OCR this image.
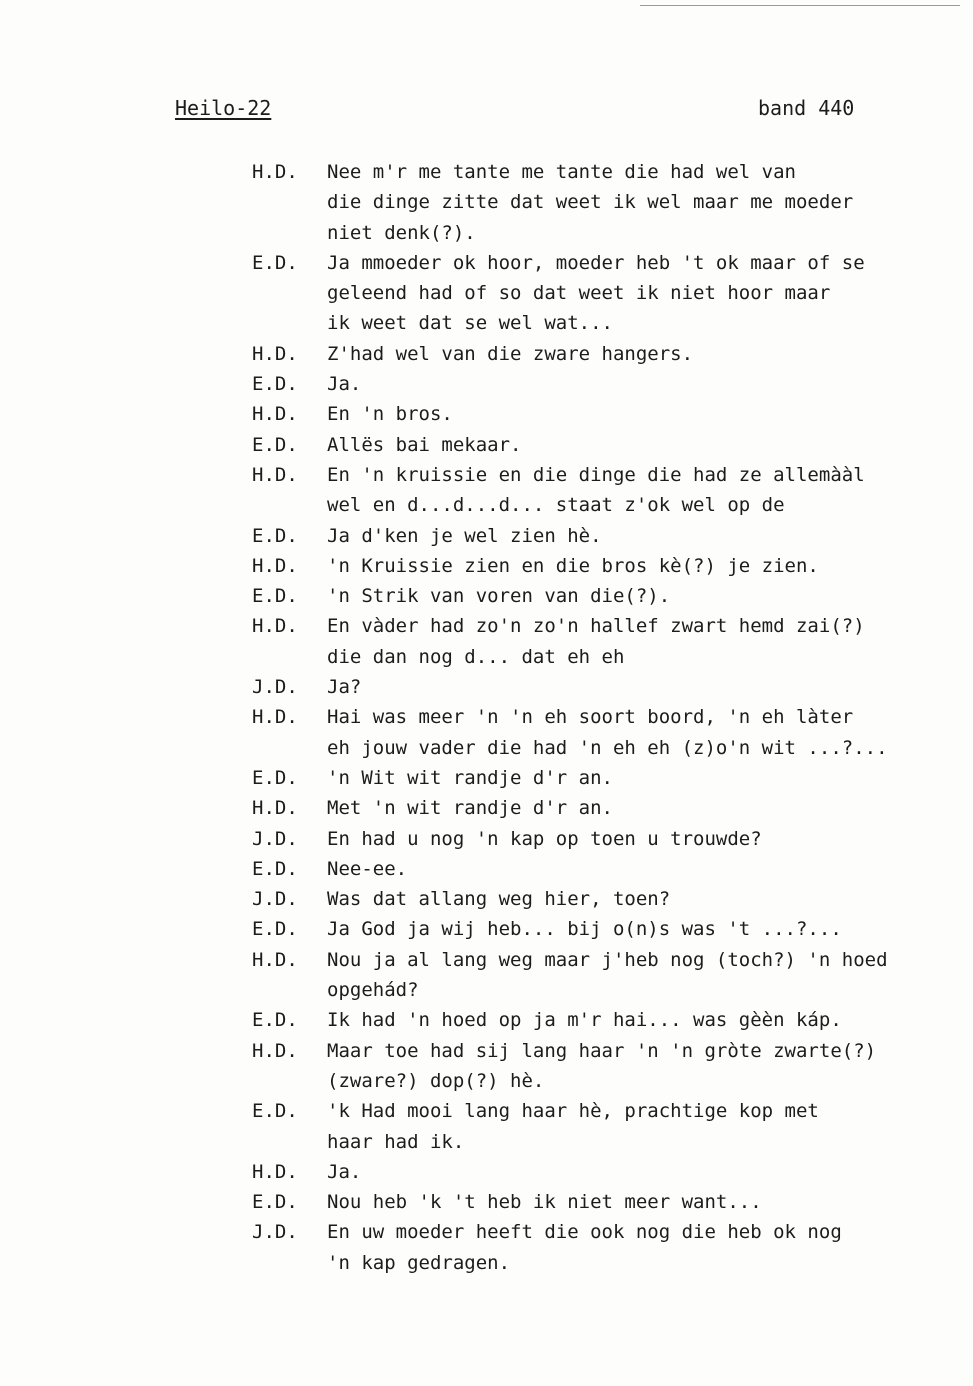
Heilo-22	band 440
H.D.	Nee m'r me tante me tante die had wel van
die dinge zitte dat weet ik wel maar me moeder
niet denk(?).
E.D.	Ja mmoeder ok hoor, moeder heb 't ok maar of se
geleend had of so dat weet ik niet hoor maar
ik weet dat se wel wat...
H.D.	Z'had wel van die zware hangers.
E.D.	Ja.
H.D.	En 'n bros.
E.D.	Allës bai mekaar.
H.D.	En 'n kruissie en die dinge die had ze allemààl
wel en d...d...d... staat z'ok wel op de
E.D.	Ja d'ken je wel zien hè.
H.D.	'n Kruissie zien en die bros kè(?) je zien.
E.D.	'n Strik van voren van die(?).
H.D.	En vàder had zo'n zo'n hallef zwart hemd zai(?)
die dan nog d... dat eh eh
J.D.	Ja?
H.D.	Hai was meer 'n 'n eh soort boord, 'n eh làter
eh jouw vader die had 'n eh eh (z)o'n wit ...?...
E.D.	'n Wit wit randje d'r an.
H.D.	Met 'n wit randje d'r an.
J.D.	En had u nog 'n kap op toen u trouwde?
E.D.	Nee-ee.
J.D.	Was dat allang weg hier, toen?
E.D.	Ja God ja wij heb... bij o(n)s was 't ...?...
H.D.	Nou ja al lang weg maar j'heb nog (toch?) 'n hoed
opgehád?
E.D.	Ik had 'n hoed op ja m'r hai... was gèèn káp.
H.D.	Maar toe had sij lang haar 'n 'n gròte zwarte(?)
(zware?) dop(?) hè.
E.D.	'k Had mooi lang haar hè, prachtige kop met
haar had ik.
H.D.	Ja.
E.D.	Nou heb 'k 't heb ik niet meer want...
J.D.	En uw moeder heeft die ook nog die heb ok nog
'n kap gedragen.
